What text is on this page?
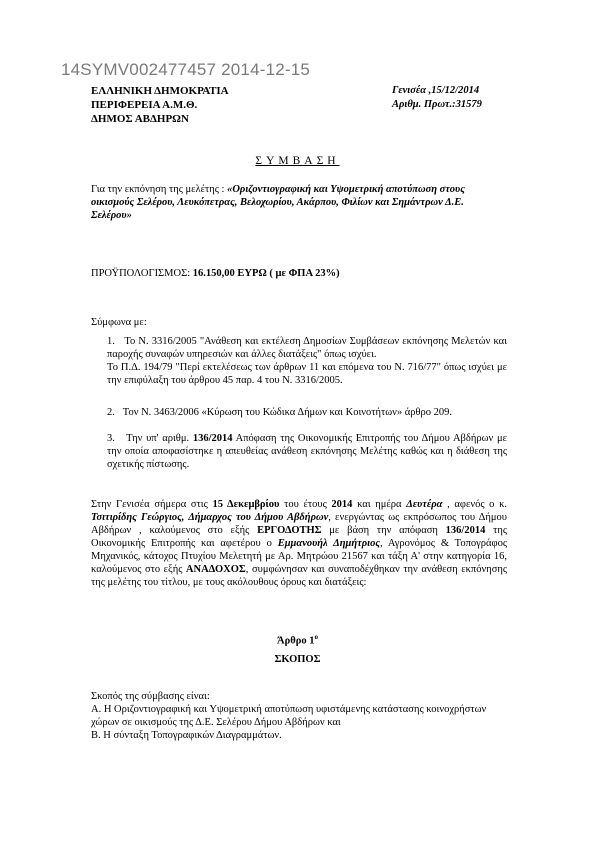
14SYMV002477457 2014-12-15
ΕΛΛΗΝΙΚΗ ΔΗΜΟΚΡΑΤΙΑ
ΠΕΡΙΦΕΡΕΙΑ Α.Μ.Θ.
ΔΗΜΟΣ ΑΒΔΗΡΩΝ
Γενισέα ,15/12/2014
Αριθμ. Πρωτ.:31579
ΣΥΜΒΑΣΗ
Για την εκπόνηση της μελέτης : «Οριζοντιογραφική και Υψομετρική αποτύπωση στους οικισμούς Σελέρου, Λευκόπετρας, Βελοχωρίου, Ακάρπου, Φιλίων και Σημάντρων Δ.Ε. Σελέρου»
ΠΡΟΫΠΟΛΟΓΙΣΜΟΣ: 16.150,00 ΕΥΡΩ ( με ΦΠΑ 23%)
Σύμφωνα με:
1. Το Ν. 3316/2005 "Ανάθεση και εκτέλεση Δημοσίων Συμβάσεων εκπόνησης Μελετών και παροχής συναφών υπηρεσιών και άλλες διατάξεις" όπως ισχύει.
Το Π.Δ. 194/79 "Περί εκτελέσεως των άρθρων 11 και επόμενα του Ν. 716/77" όπως ισχύει με την επιφύλαξη του άρθρου 45 παρ. 4 του Ν. 3316/2005.
2. Τον Ν. 3463/2006 «Κύρωση του Κώδικα Δήμων και Κοινοτήτων» άρθρο 209.
3. Την υπ' αριθμ. 136/2014 Απόφαση της Οικονομικής Επιτροπής του Δήμου Αβδήρων με την οποία αποφασίστηκε η απευθείας ανάθεση εκπόνησης Μελέτης καθώς και η διάθεση της σχετικής πίστωσης.
Στην Γενισέα σήμερα στις 15 Δεκεμβρίου του έτους 2014 και ημέρα Δευτέρα , αφενός ο κ. Τσιτιρίδης Γεώργιος, Δήμαρχος του Δήμου Αβδήρων, ενεργώντας ως εκπρόσωπος του Δήμου Αβδήρων , καλούμενος στο εξής ΕΡΓΟΔΟΤΗΣ με βάση την απόφαση 136/2014 της Οικονομικής Επιτροπής και αφετέρου ο Εμμανουήλ Δημήτριος, Αγρονόμος & Τοπογράφος Μηχανικός, κάτοχος Πτυχίου Μελετητή με Αρ. Μητρώου 21567 και τάξη Α' στην κατηγορία 16, καλούμενος στο εξής ΑΝΑΔΟΧΟΣ, συμφώνησαν και συναποδέχθηκαν την ανάθεση εκπόνησης της μελέτης του τίτλου, με τους ακόλουθους όρους και διατάξεις:
Άρθρο $1^o$
ΣΚΟΠΟΣ
Σκοπός της σύμβασης είναι:
Α. Η Οριζοντιογραφική και Υψομετρική αποτύπωση υφιστάμενης κατάστασης κοινοχρήστων χώρων σε οικισμούς της Δ.Ε. Σελέρου Δήμου Αβδήρων και
Β. Η σύνταξη Τοπογραφικών Διαγραμμάτων.
